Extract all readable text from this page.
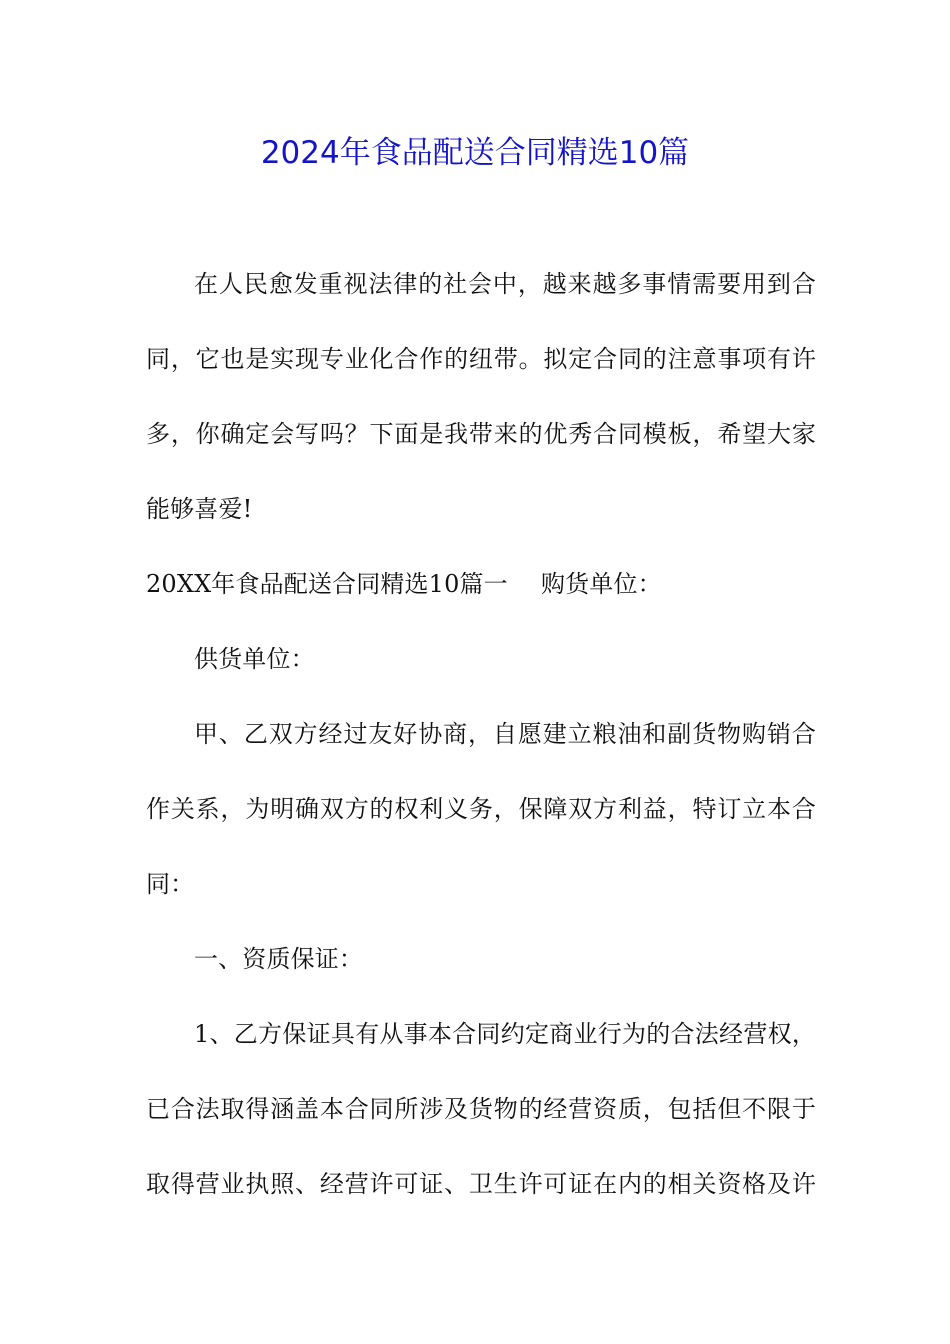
2024年食品配送合同精选10篇
在人民愈发重视法律的社会中，越来越多事情需要用到合
同，它也是实现专业化合作的纽带。拟定合同的注意事项有许
多，你确定会写吗？下面是我带来的优秀合同模板，希望大家
能够喜爱!
20XX年食品配送合同精选10篇一	购货单位：
供货单位：
甲、乙双方经过友好协商，自愿建立粮油和副货物购销合
作关系，为明确双方的权利义务，保障双方利益，特订立本合
同：
一、资质保证：
1、乙方保证具有从事本合同约定商业行为的合法经营权，
已合法取得涵盖本合同所涉及货物的经营资质，包括但不限于
取得营业执照、经营许可证、卫生许可证在内的相关资格及许
